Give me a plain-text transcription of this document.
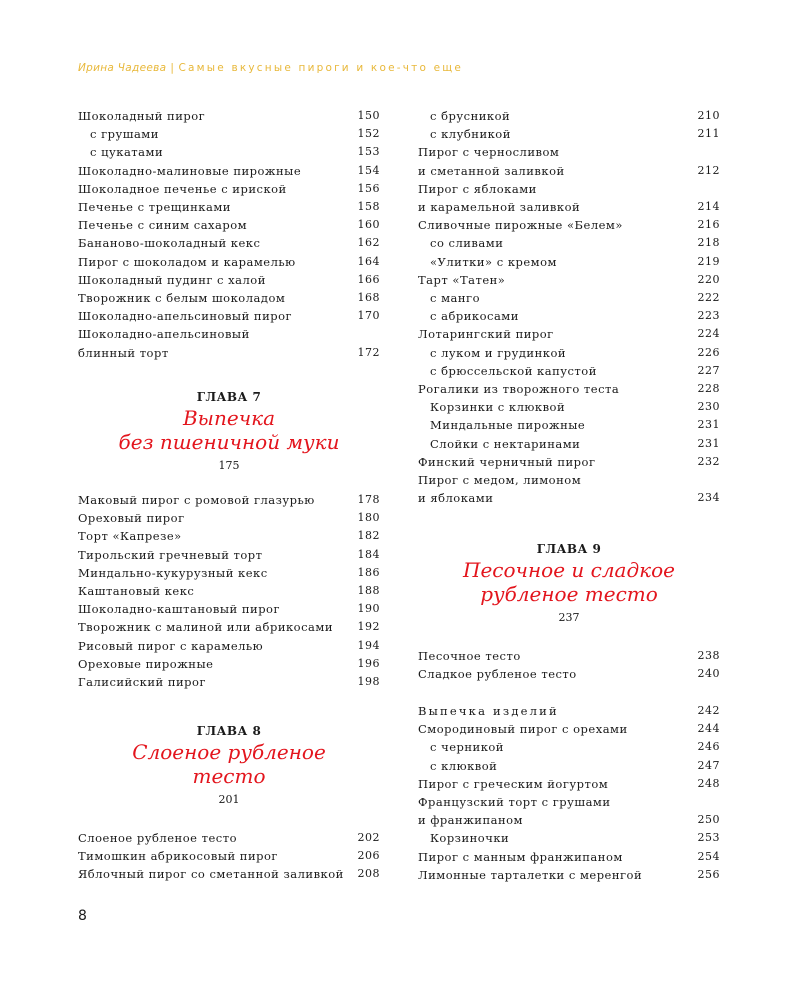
Ирина Чадеева | Самые вкусные пироги и кое-что еще
Шоколадный пирог	150
с грушами	152
с цукатами	153
Шоколадно-малиновые пирожные	154
Шоколадное печенье с ириской	156
Печенье с трещинками	158
Печенье с синим сахаром	160
Бананово-шоколадный кекс	162
Пирог с шоколадом и карамелью	164
Шоколадный пудинг с халой	166
Творожник с белым шоколадом	168
Шоколадно-апельсиновый пирог	170
Шоколадно-апельсиновый
блинный торт	172
ГЛАВА 7
Выпечка
без пшеничной муки
175
Маковый пирог с ромовой глазурью	178
Ореховый пирог	180
Торт «Капрезе»	182
Тирольский гречневый торт	184
Миндально-кукурузный кекс	186
Каштановый кекс	188
Шоколадно-каштановый пирог	190
Творожник с малиной или абрикосами 192
Рисовый пирог с карамелью	194
Ореховые пирожные	196
Галисийский пирог	198
ГЛАВА 8
Слоеное рубленое
тесто
201
Слоеное рубленое тесто	202
Тимошкин абрикосовый пирог	206
Яблочный пирог со сметанной заливкой 208
с брусникой	210
с клубникой	211
Пирог с черносливом
и сметанной заливкой	212
Пирог с яблоками
и карамельной заливкой	214
Сливочные пирожные «Белем»	216
со сливами	218
«Улитки» с кремом	219
Тарт «Татен»	220
с манго	222
с абрикосами	223
Лотарингский пирог	224
с луком и грудинкой	226
с брюссельской капустой	227
Рогалики из творожного теста	228
Корзинки с клюквой	230
Миндальные пирожные	231
Слойки с нектаринами	231
Финский черничный пирог	232
Пирог с медом, лимоном
и яблоками	234
ГЛАВА 9
Песочное и сладкое
рубленое тесто
237
Песочное тесто	238
Сладкое рубленое тесто	240
Выпечка изделий	242
Смородиновый пирог с орехами	244
с черникой	246
с клюквой	247
Пирог с греческим йогуртом	248
Французский торт с грушами
и франжипаном	250
Корзиночки	253
Пирог с манным франжипаном	254
Лимонные тарталетки с меренгой	256
8
